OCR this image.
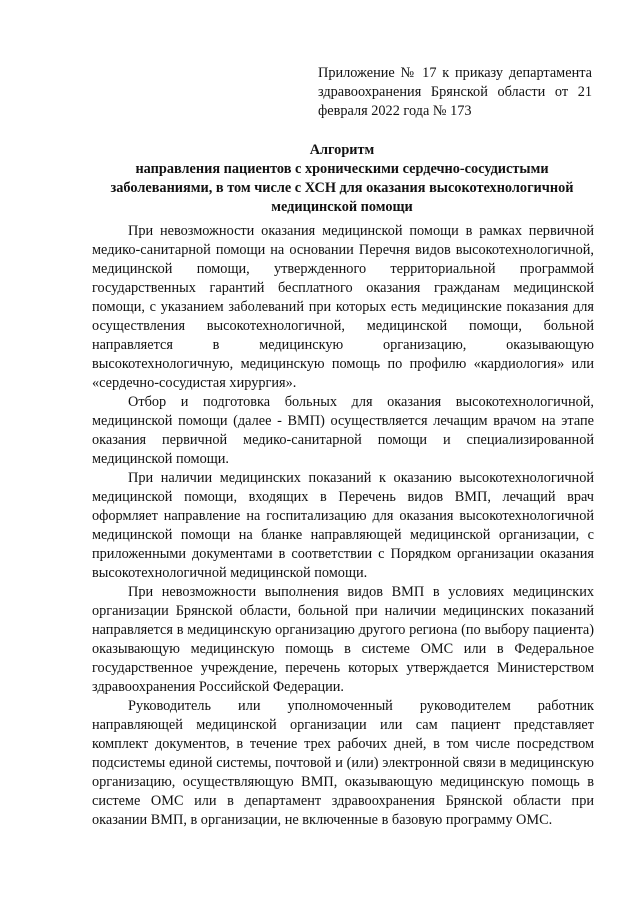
Приложение № 17 к приказу департамента здравоохранения Брянской области от 21 февраля 2022 года № 173
Алгоритм
направления пациентов с хроническими сердечно-сосудистыми заболеваниями, в том числе с ХСН для оказания высокотехнологичной медицинской помощи

При невозможности оказания медицинской помощи в рамках первичной медико-санитарной помощи на основании Перечня видов высокотехнологичной, медицинской помощи, утвержденного территориальной программой государственных гарантий бесплатного оказания гражданам медицинской помощи, с указанием заболеваний при которых есть медицинские показания для осуществления высокотехнологичной, медицинской помощи, больной направляется в медицинскую организацию, оказывающую высокотехнологичную, медицинскую помощь по профилю «кардиология» или «сердечно-сосудистая хирургия».

Отбор и подготовка больных для оказания высокотехнологичной, медицинской помощи (далее - ВМП) осуществляется лечащим врачом на этапе оказания первичной медико-санитарной помощи и специализированной медицинской помощи.

При наличии медицинских показаний к оказанию высокотехнологичной медицинской помощи, входящих в Перечень видов ВМП, лечащий врач оформляет направление на госпитализацию для оказания высокотехнологичной медицинской помощи на бланке направляющей медицинской организации, с приложенными документами в соответствии с Порядком организации оказания высокотехнологичной медицинской помощи.

При невозможности выполнения видов ВМП в условиях медицинских организации Брянской области, больной при наличии медицинских показаний направляется в медицинскую организацию другого региона (по выбору пациента) оказывающую медицинскую помощь в системе ОМС или в Федеральное государственное учреждение, перечень которых утверждается Министерством здравоохранения Российской Федерации.

Руководитель или уполномоченный руководителем работник направляющей медицинской организации или сам пациент представляет комплект документов, в течение трех рабочих дней, в том числе посредством подсистемы единой системы, почтовой и (или) электронной связи в медицинскую организацию, осуществляющую ВМП, оказывающую медицинскую помощь в системе ОМС или в департамент здравоохранения Брянской области при оказании ВМП, в организации, не включенные в базовую программу ОМС.
